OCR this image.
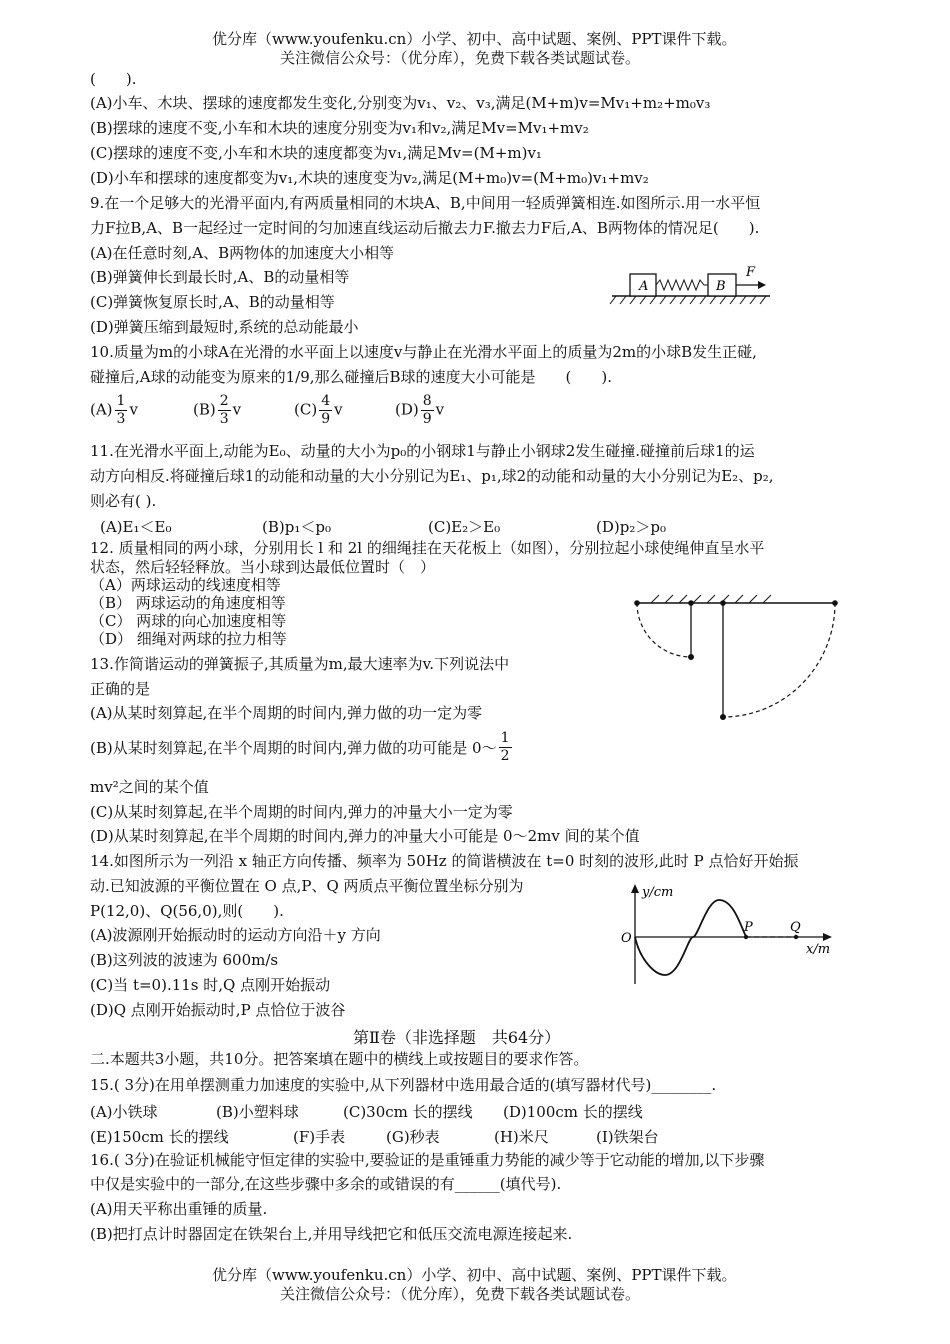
优分库（www.youfenku.cn）小学、初中、高中试题、案例、PPT课件下载。
关注微信公众号：（优分库），免费下载各类试题试卷。
(　　).
(A)小车、木块、摆球的速度都发生变化,分别变为v₁、v₂、v₃,满足(M+m)v=Mv₁+m₂+m₀v₃
(B)摆球的速度不变,小车和木块的速度分别变为v₁和v₂,满足Mv=Mv₁+mv₂
(C)摆球的速度不变,小车和木块的速度都变为v₁,满足Mv=(M+m)v₁
(D)小车和摆球的速度都变为v₁,木块的速度变为v₂,满足(M+m₀)v=(M+m₀)v₁+mv₂
9.在一个足够大的光滑平面内,有两质量相同的木块A、B,中间用一轻质弹簧相连.如图所示.用一水平恒
力F拉B,A、B一起经过一定时间的匀加速直线运动后撤去力F.撤去力F后,A、B两物体的情况足(　　).
(A)在任意时刻,A、B两物体的加速度大小相等
(B)弹簧伸长到最长时,A、B的动量相等
(C)弹簧恢复原长时,A、B的动量相等
(D)弹簧压缩到最短时,系统的总动能最小
A	B
F
10.质量为m的小球A在光滑的水平面上以速度v与静止在光滑水平面上的质量为2m的小球B发生正碰,
碰撞后,A球的动能变为原来的1/9,那么碰撞后B球的速度大小可能是　　(　　).
$(A) \frac{1}{3}$ v	$(B) \frac{2}{3}$ v	$(C) \frac{4}{9}$ v	$(D) \frac{8}{9}$ v
11.在光滑水平面上,动能为E₀、动量的大小为p₀的小钢球1与静止小钢球2发生碰撞.碰撞前后球1的运
动方向相反.将碰撞后球1的动能和动量的大小分别记为E₁、p₁,球2的动能和动量的大小分别记为E₂、p₂,
则必有( ).
(A)E₁＜E₀	(B)p₁＜p₀	(C)E₂＞E₀	(D)p₂＞p₀
12. 质量相同的两小球，分别用长 l 和 2l 的细绳挂在天花板上（如图），分别拉起小球使绳伸直呈水平
状态，然后轻轻释放。当小球到达最低位置时（　）
（A）两球运动的线速度相等
（B） 两球运动的角速度相等
（C） 两球的向心加速度相等
（D） 细绳对两球的拉力相等
13.作简谐运动的弹簧振子,其质量为m,最大速率为v.下列说法中
正确的是
(A)从某时刻算起,在半个周期的时间内,弹力做的功一定为零
(B)从某时刻算起,在半个周期的时间内,弹力做的功可能是 0～ $\frac{1}{2}$
mv²之间的某个值
(C)从某时刻算起,在半个周期的时间内,弹力的冲量大小一定为零
(D)从某时刻算起,在半个周期的时间内,弹力的冲量大小可能是 0～2mv 间的某个值
14.如图所示为一列沿 x 轴正方向传播、频率为 50Hz 的简谐横波在 t=0 时刻的波形,此时 P 点恰好开始振
动.已知波源的平衡位置在 O 点,P、Q 两质点平衡位置坐标分别为
P(12,0)、Q(56,0),则(　　).
(A)波源刚开始振动时的运动方向沿＋y 方向
(B)这列波的波速为 600m/s
(C)当 t=0).11s 时,Q 点刚开始振动
(D)Q 点刚开始振动时,P 点恰位于波谷
y/cm
x/m
O
P	Q
第Ⅱ卷（非选择题　共64分）
二.本题共3小题，共10分。把答案填在题中的横线上或按题目的要求作答。
15.( 3分)在用单摆测重力加速度的实验中,从下列器材中选用最合适的(填写器材代号)________.
(A)小铁球	(B)小塑料球	(C)30cm 长的摆线 (D)100cm 长的摆线
(E)150cm 长的摆线	(F)手表	(G)秒表	(H)米尺	(I)铁架台
16.( 3分)在验证机械能守恒定律的实验中,要验证的是重锤重力势能的减少等于它动能的增加,以下步骤
中仅是实验中的一部分,在这些步骤中多余的或错误的有______(填代号).
(A)用天平称出重锤的质量.
(B)把打点计时器固定在铁架台上,并用导线把它和低压交流电源连接起来.
优分库（www.youfenku.cn）小学、初中、高中试题、案例、PPT课件下载。
关注微信公众号：（优分库），免费下载各类试题试卷。
